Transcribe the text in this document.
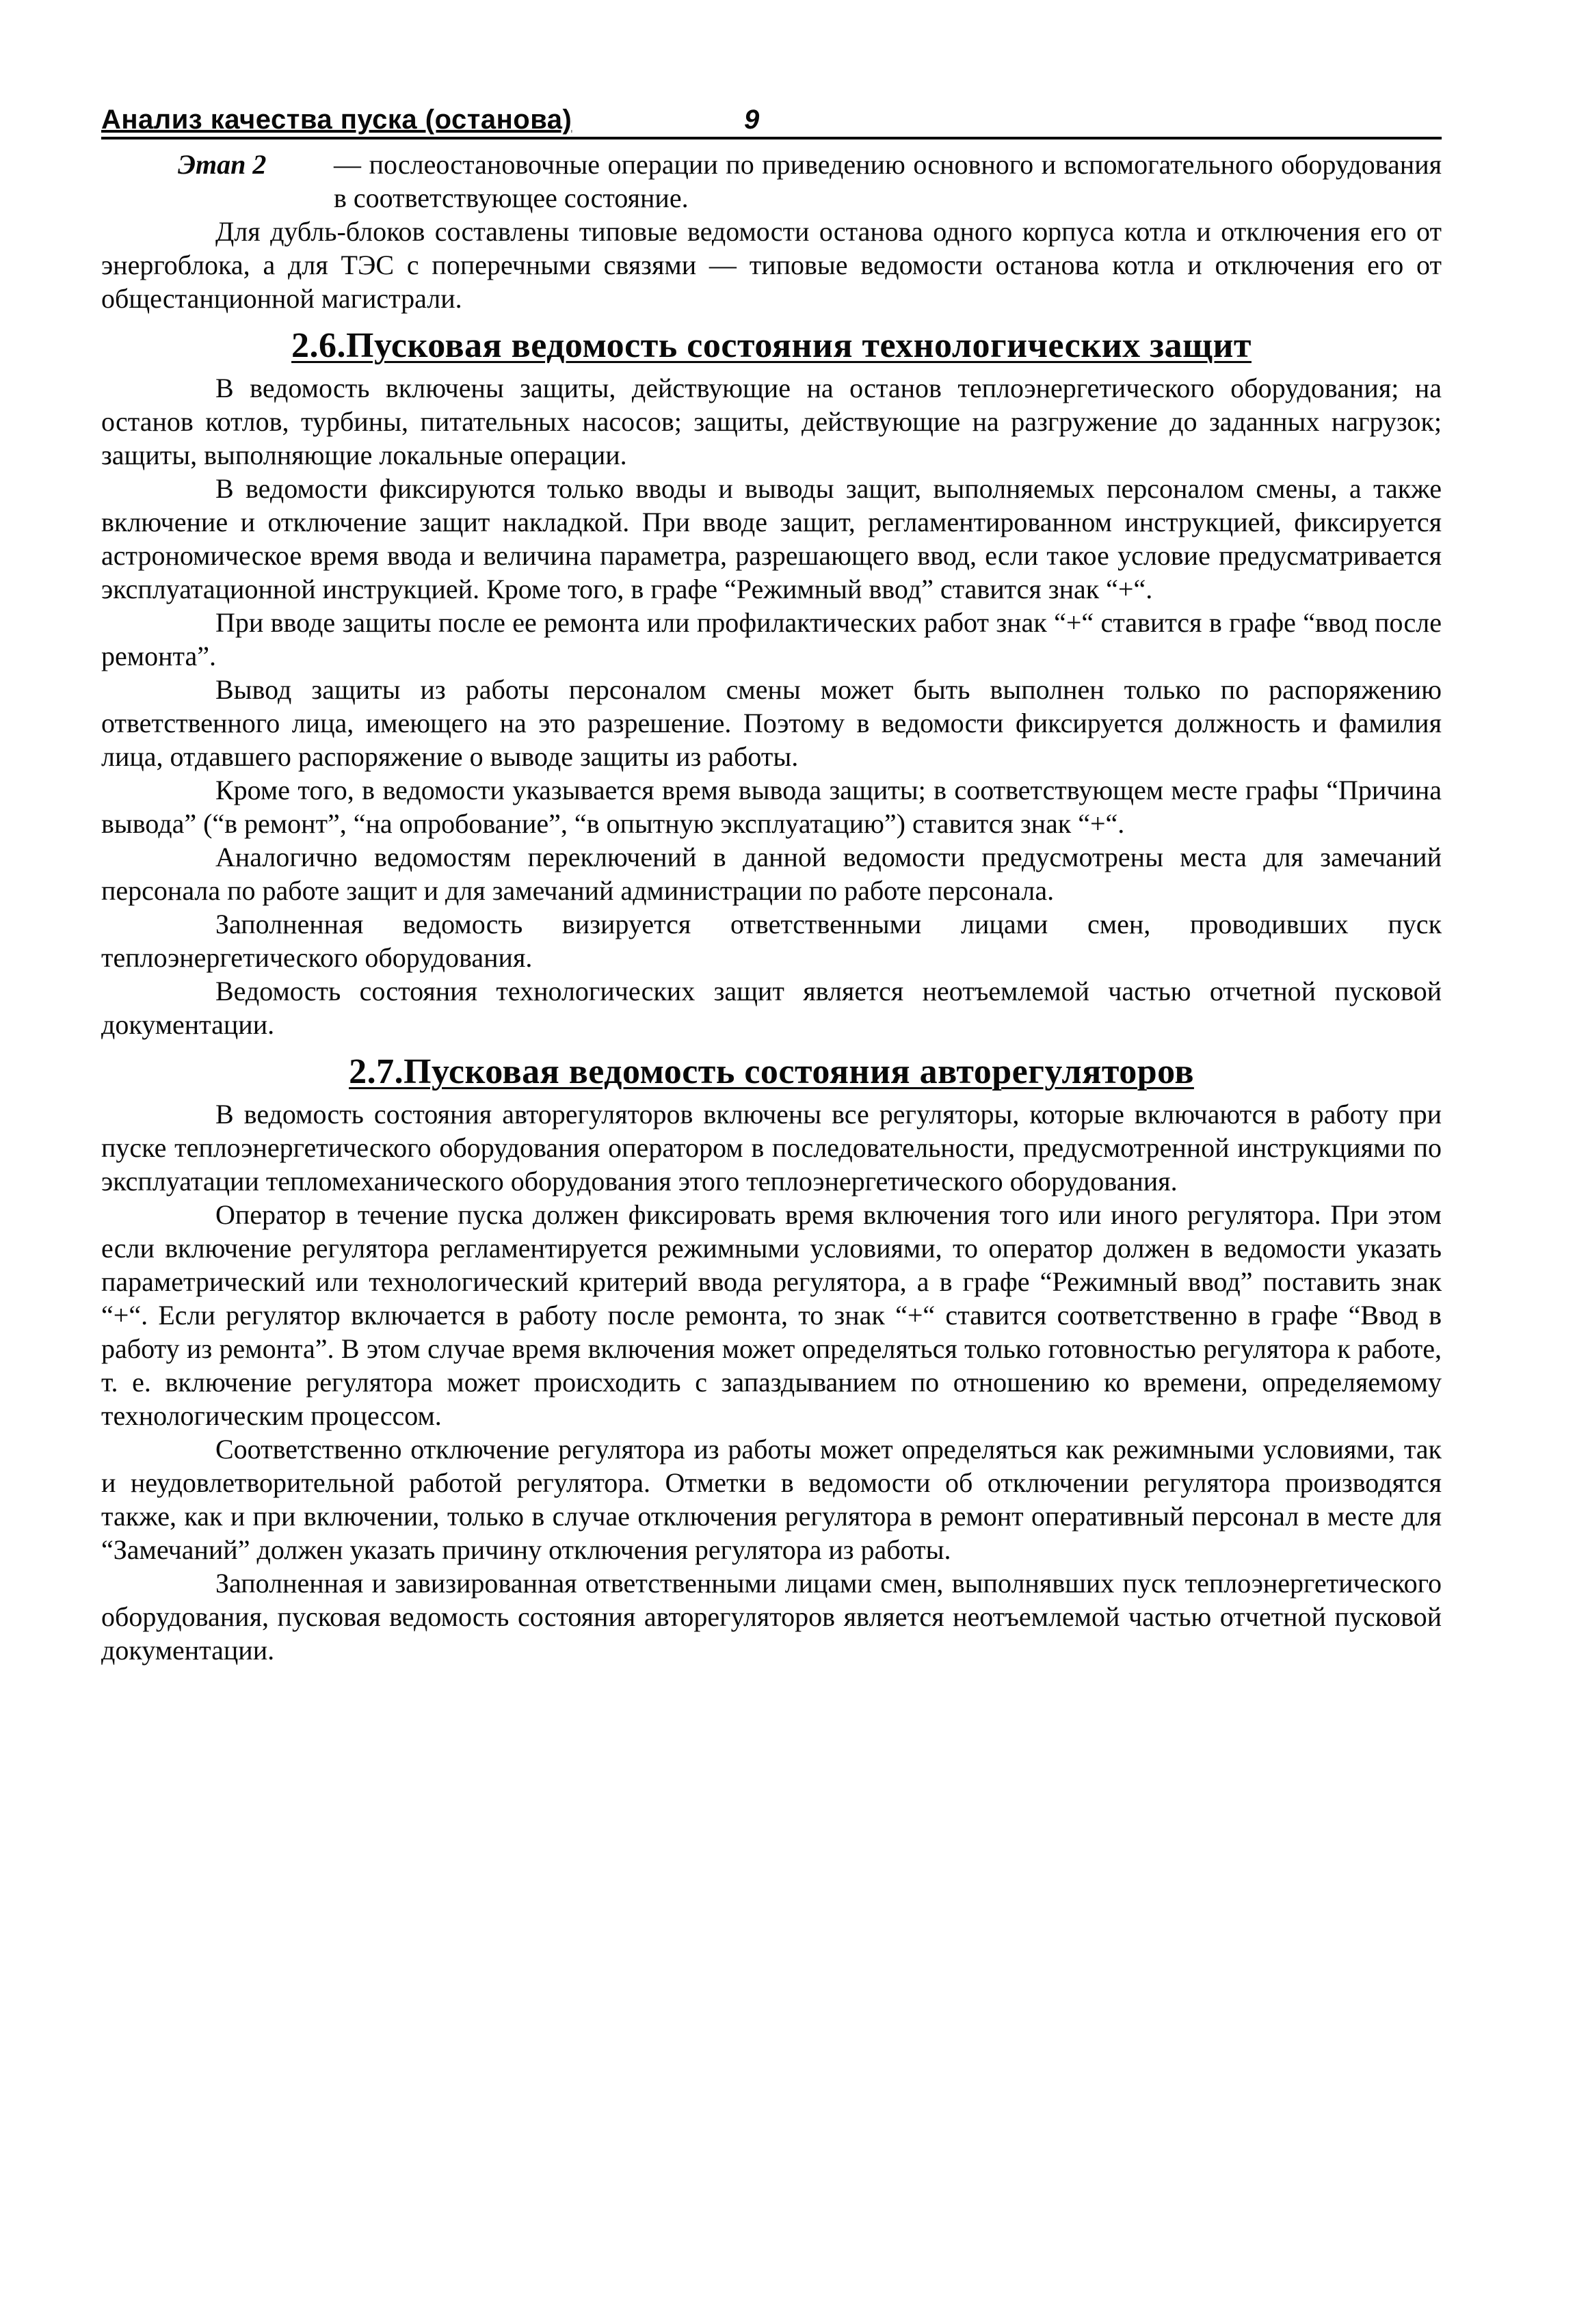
Анализ качества пуска (останова)	9
Этап 2	— послеостановочные операции по приведению основного и вспомогательного оборудования в соответствующее состояние.

Для дубль-блоков составлены типовые ведомости останова одного корпуса котла и отключения его от энергоблока, а для ТЭС с поперечными связями — типовые ведомости останова котла и отключения его от общестанционной магистрали.

2.6.Пусковая ведомость состояния технологических защит

В ведомость включены защиты, действующие на останов теплоэнергетического оборудования; на останов котлов, турбины, питательных насосов; защиты, действующие на разгружение до заданных нагрузок; защиты, выполняющие локальные операции.

В ведомости фиксируются только вводы и выводы защит, выполняемых персоналом смены, а также включение и отключение защит накладкой. При вводе защит, регламентированном инструкцией, фиксируется астрономическое время ввода и величина параметра, разрешающего ввод, если такое условие предусматривается эксплуатационной инструкцией. Кроме того, в графе “Режимный ввод” ставится знак “+“.

При вводе защиты после ее ремонта или профилактических работ знак “+“ ставится в графе “ввод после ремонта”.

Вывод защиты из работы персоналом смены может быть выполнен только по распоряжению ответственного лица, имеющего на это разрешение. Поэтому в ведомости фиксируется должность и фамилия лица, отдавшего распоряжение о выводе защиты из работы.

Кроме того, в ведомости указывается время вывода защиты; в соответствующем месте графы “Причина вывода” (“в ремонт”, “на опробование”, “в опытную эксплуатацию”) ставится знак “+“.

Аналогично ведомостям переключений в данной ведомости предусмотрены места для замечаний персонала по работе защит и для замечаний администрации по работе персонала.

Заполненная ведомость визируется ответственными лицами смен, проводивших пуск теплоэнергетического оборудования.

Ведомость состояния технологических защит является неотъемлемой частью отчетной пусковой документации.

2.7.Пусковая ведомость состояния авторегуляторов

В ведомость состояния авторегуляторов включены все регуляторы, которые включаются в работу при пуске теплоэнергетического оборудования оператором в последовательности, предусмотренной инструкциями по эксплуатации тепломеханического оборудования этого теплоэнергетического оборудования.

Оператор в течение пуска должен фиксировать время включения того или иного регулятора. При этом если включение регулятора регламентируется режимными условиями, то оператор должен в ведомости указать параметрический или технологический критерий ввода регулятора, а в графе “Режимный ввод” поставить знак “+“. Если регулятор включается в работу после ремонта, то знак “+“ ставится соответственно в графе “Ввод в работу из ремонта”. В этом случае время включения может определяться только готовностью регулятора к работе, т. е. включение регулятора может происходить с запаздыванием по отношению ко времени, определяемому технологическим процессом.

Соответственно отключение регулятора из работы может определяться как режимными условиями, так и неудовлетворительной работой регулятора. Отметки в ведомости об отключении регулятора производятся также, как и при включении, только в случае отключения регулятора в ремонт оперативный персонал в месте для “Замечаний” должен указать причину отключения регулятора из работы.

Заполненная и завизированная ответственными лицами смен, выполнявших пуск теплоэнергетического оборудования, пусковая ведомость состояния авторегуляторов является неотъемлемой частью отчетной пусковой документации.
